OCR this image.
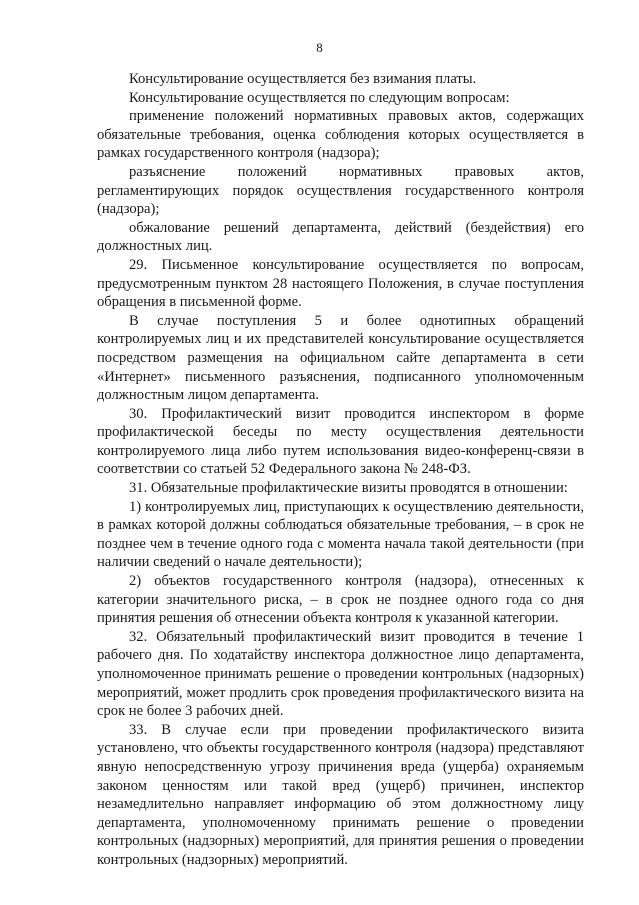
8

Консультирование осуществляется без взимания платы.

Консультирование осуществляется по следующим вопросам:

применение положений нормативных правовых актов, содержащих обязательные требования, оценка соблюдения которых осуществляется в рамках государственного контроля (надзора);

разъяснение положений нормативных правовых актов, регламентирующих порядок осуществления государственного контроля (надзора);

обжалование решений департамента, действий (бездействия) его должностных лиц.

29. Письменное консультирование осуществляется по вопросам, предусмотренным пунктом 28 настоящего Положения, в случае поступления обращения в письменной форме.

В случае поступления 5 и более однотипных обращений контролируемых лиц и их представителей консультирование осуществляется посредством размещения на официальном сайте департамента в сети «Интернет» письменного разъяснения, подписанного уполномоченным должностным лицом департамента.

30. Профилактический визит проводится инспектором в форме профилактической беседы по месту осуществления деятельности контролируемого лица либо путем использования видео-конференц-связи в соответствии со статьей 52 Федерального закона № 248-ФЗ.

31. Обязательные профилактические визиты проводятся в отношении:

1) контролируемых лиц, приступающих к осуществлению деятельности, в рамках которой должны соблюдаться обязательные требования, – в срок не позднее чем в течение одного года с момента начала такой деятельности (при наличии сведений о начале деятельности);

2) объектов государственного контроля (надзора), отнесенных к категории значительного риска, – в срок не позднее одного года со дня принятия решения об отнесении объекта контроля к указанной категории.

32. Обязательный профилактический визит проводится в течение 1 рабочего дня. По ходатайству инспектора должностное лицо департамента, уполномоченное принимать решение о проведении контрольных (надзорных) мероприятий, может продлить срок проведения профилактического визита на срок не более 3 рабочих дней.

33. В случае если при проведении профилактического визита установлено, что объекты государственного контроля (надзора) представляют явную непосредственную угрозу причинения вреда (ущерба) охраняемым законом ценностям или такой вред (ущерб) причинен, инспектор незамедлительно направляет информацию об этом должностному лицу департамента, уполномоченному принимать решение о проведении контрольных (надзорных) мероприятий, для принятия решения о проведении контрольных (надзорных) мероприятий.
